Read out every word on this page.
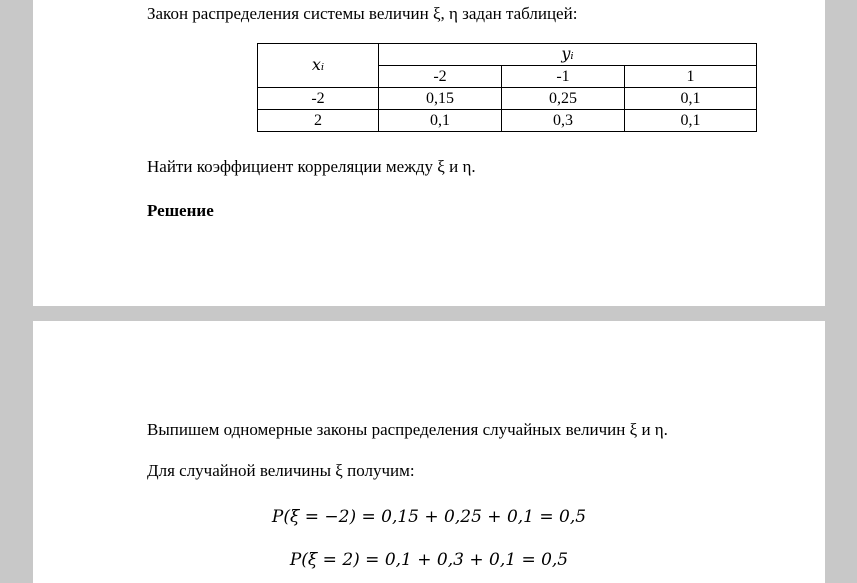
Закон распределения системы величин ξ, η задан таблицей:
xᵢ	yᵢ		
	-2	-1	1
-2	0,15	0,25	0,1
2	0,1	0,3	0,1
Найти коэффициент корреляции между ξ и η.
Решение
Выпишем одномерные законы распределения случайных величин ξ и η.
Для случайной величины ξ получим:
P(ξ = −2) = 0,15 + 0,25 + 0,1 = 0,5
P(ξ = 2) = 0,1 + 0,3 + 0,1 = 0,5
